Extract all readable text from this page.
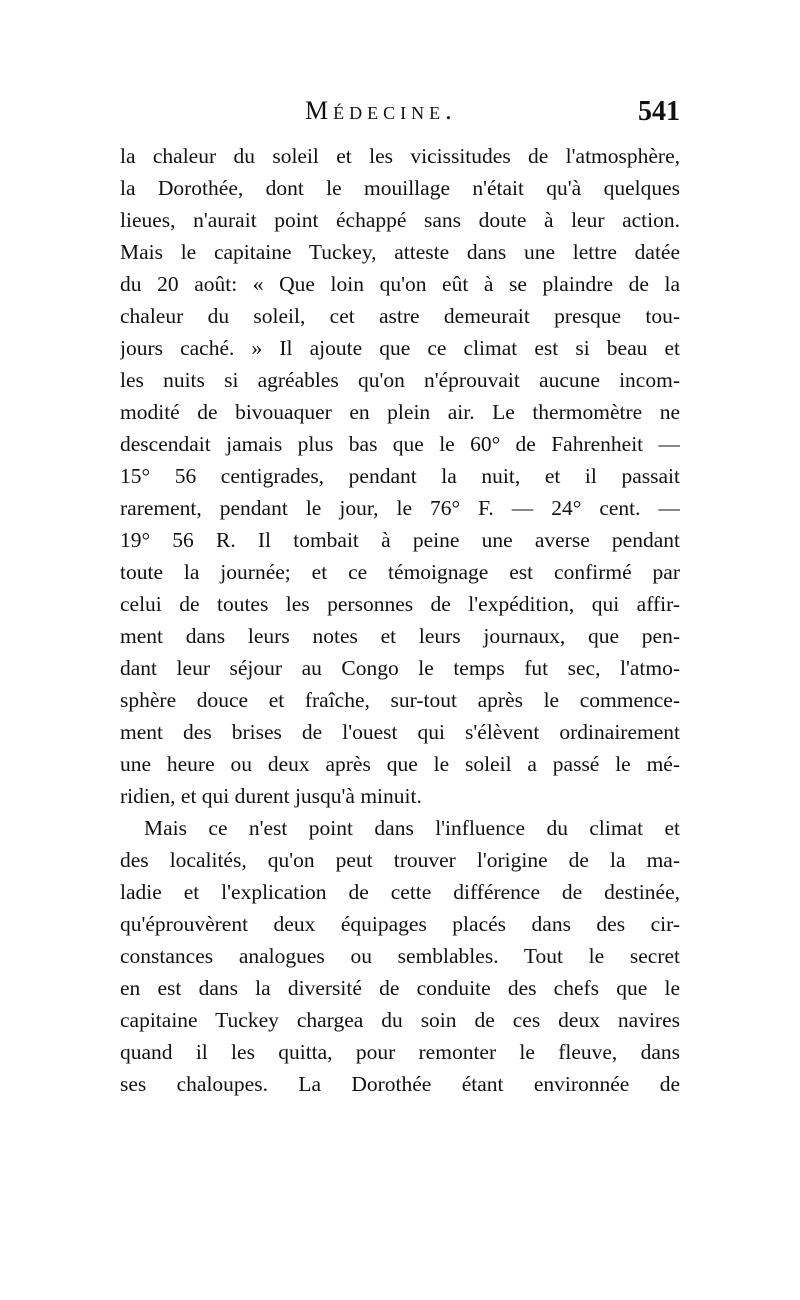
Médecine.	541
la chaleur du soleil et les vicissitudes de l'atmosphère,
la Dorothée, dont le mouillage n'était qu'à quelques
lieues, n'aurait point échappé sans doute à leur action.
Mais le capitaine Tuckey, atteste dans une lettre datée
du 20 août: « Que loin qu'on eût à se plaindre de la
chaleur du soleil, cet astre demeurait presque tou-
jours caché. » Il ajoute que ce climat est si beau et
les nuits si agréables qu'on n'éprouvait aucune incom-
modité de bivouaquer en plein air. Le thermomètre ne
descendait jamais plus bas que le 60° de Fahrenheit —
15° 56 centigrades, pendant la nuit, et il passait
rarement, pendant le jour, le 76° F. — 24° cent. —
19° 56 R. Il tombait à peine une averse pendant
toute la journée; et ce témoignage est confirmé par
celui de toutes les personnes de l'expédition, qui affir-
ment dans leurs notes et leurs journaux, que pen-
dant leur séjour au Congo le temps fut sec, l'atmo-
sphère douce et fraîche, sur-tout après le commence-
ment des brises de l'ouest qui s'élèvent ordinairement
une heure ou deux après que le soleil a passé le mé-
ridien, et qui durent jusqu'à minuit.
Mais ce n'est point dans l'influence du climat et
des localités, qu'on peut trouver l'origine de la ma-
ladie et l'explication de cette différence de destinée,
qu'éprouvèrent deux équipages placés dans des cir-
constances analogues ou semblables. Tout le secret
en est dans la diversité de conduite des chefs que le
capitaine Tuckey chargea du soin de ces deux navires
quand il les quitta, pour remonter le fleuve, dans
ses chaloupes. La Dorothée étant environnée de
